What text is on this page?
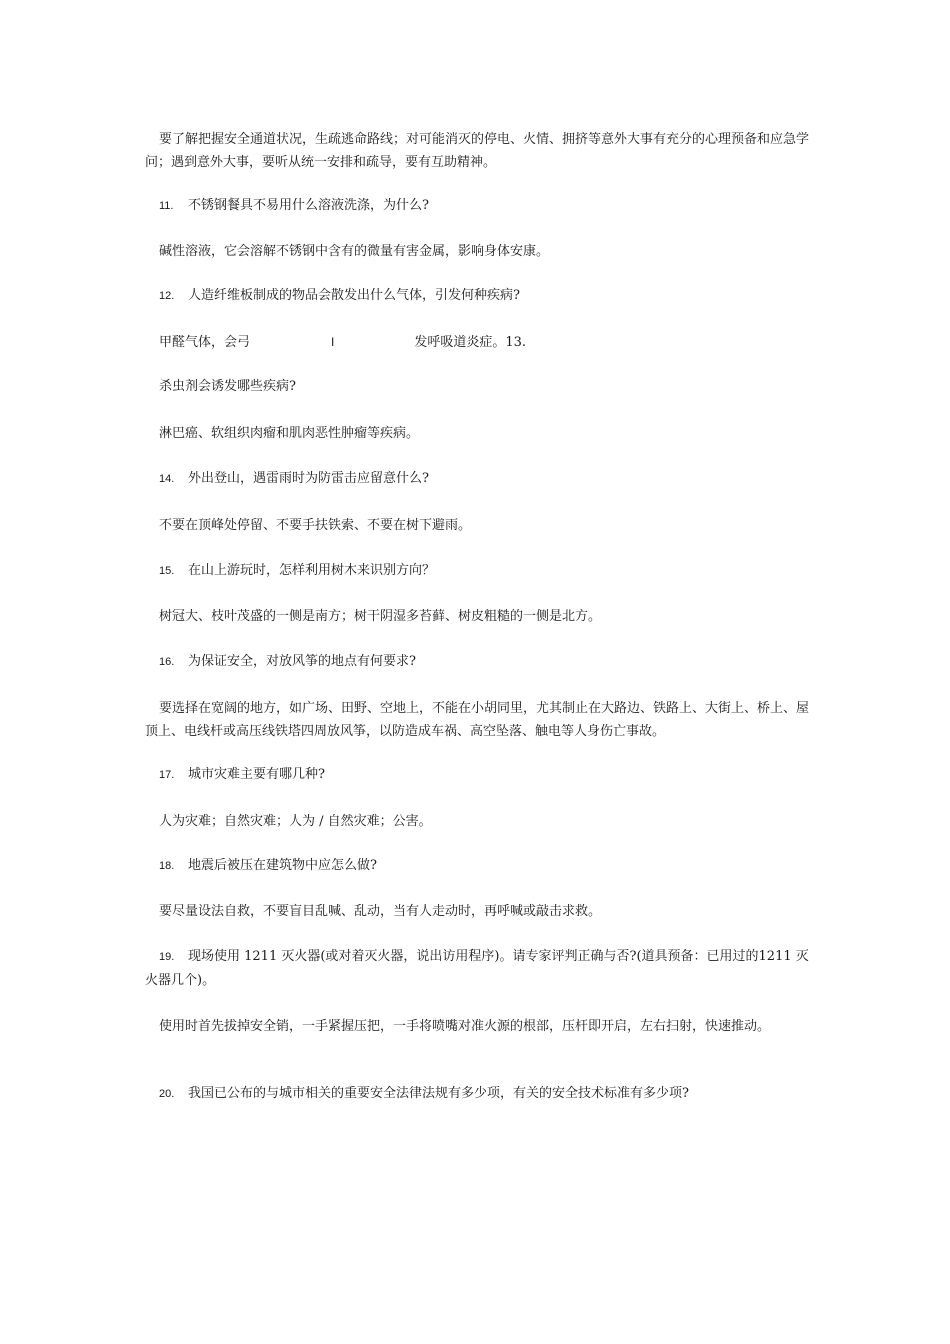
要了解把握安全通道状况，生疏逃命路线；对可能消灭的停电、火情、拥挤等意外大事有充分的心理预备和应急学问；遇到意外大事，要听从统一安排和疏导，要有互助精神。

11. 不锈钢餐具不易用什么溶液洗涤，为什么?

碱性溶液，它会溶解不锈钢中含有的微量有害金属，影响身体安康。

12. 人造纤维板制成的物品会散发出什么气体，引发何种疾病?

甲醛气体，会弓	I	发呼吸道炎症。13.

杀虫剂会诱发哪些疾病?

淋巴癌、软组织肉瘤和肌肉恶性肿瘤等疾病。

14. 外出登山，遇雷雨时为防雷击应留意什么?

不要在顶峰处停留、不要手扶铁索、不要在树下避雨。

15. 在山上游玩时，怎样利用树木来识别方向？

树冠大、枝叶茂盛的一侧是南方；树干阴湿多苔藓、树皮粗糙的一侧是北方。

16. 为保证安全，对放风筝的地点有何要求?

要选择在宽阔的地方，如广场、田野、空地上，不能在小胡同里，尤其制止在大路边、铁路上、大街上、桥上、屋顶上、电线杆或高压线铁塔四周放风筝，以防造成车祸、高空坠落、触电等人身伤亡事故。

17. 城市灾难主要有哪几种?

人为灾难；自然灾难；人为 / 自然灾难；公害。

18. 地震后被压在建筑物中应怎么做?

要尽量设法自救，不要盲目乱喊、乱动，当有人走动时，再呼喊或敲击求救。

19. 现场使用 1211 灭火器(或对着灭火器，说出访用程序)。请专家评判正确与否?(道具预备：已用过的1211 灭火器几个)。

使用时首先拔掉安全销，一手紧握压把，一手将喷嘴对准火源的根部，压杆即开启，左右扫射，快速推动。

20. 我国已公布的与城市相关的重要安全法律法规有多少项，有关的安全技术标准有多少项?
